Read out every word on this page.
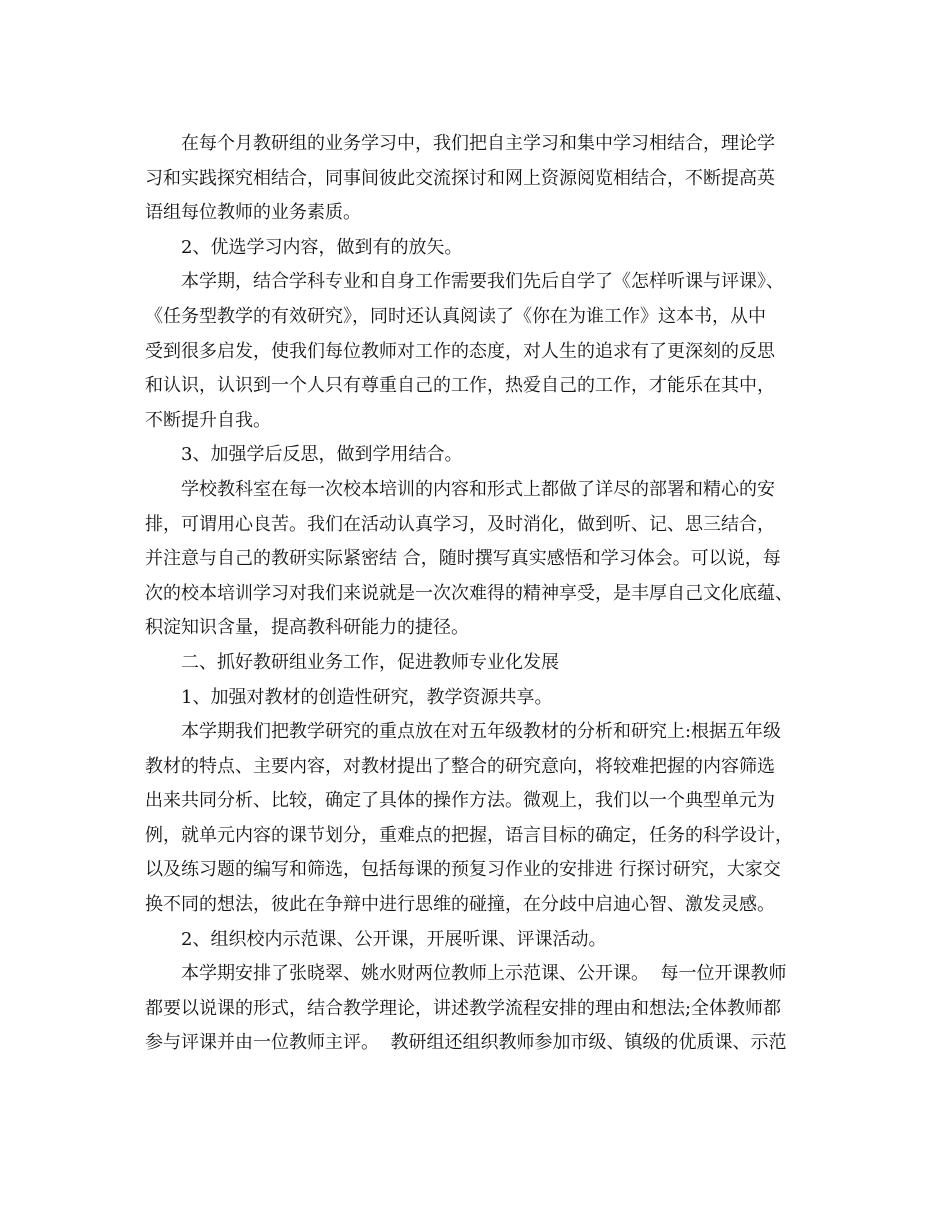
在每个月教研组的业务学习中，我们把自主学习和集中学习相结合，理论学
习和实践探究相结合，同事间彼此交流探讨和网上资源阅览相结合，不断提高英
语组每位教师的业务素质。
2、优选学习内容，做到有的放矢。
本学期，结合学科专业和自身工作需要我们先后自学了《怎样听课与评课》、
《任务型教学的有效研究》，同时还认真阅读了《你在为谁工作》这本书，从中
受到很多启发，使我们每位教师对工作的态度，对人生的追求有了更深刻的反思
和认识，认识到一个人只有尊重自己的工作，热爱自己的工作，才能乐在其中，
不断提升自我。
3、加强学后反思，做到学用结合。
学校教科室在每一次校本培训的内容和形式上都做了详尽的部署和精心的安
排，可谓用心良苦。我们在活动认真学习，及时消化，做到听、记、思三结合，
并注意与自己的教研实际紧密结 合，随时撰写真实感悟和学习体会。可以说，每
次的校本培训学习对我们来说就是一次次难得的精神享受，是丰厚自己文化底蕴、
积淀知识含量，提高教科研能力的捷径。
二、抓好教研组业务工作，促进教师专业化发展
1、加强对教材的创造性研究，教学资源共享。
本学期我们把教学研究的重点放在对五年级教材的分析和研究上:根据五年级
教材的特点、主要内容，对教材提出了整合的研究意向，将较难把握的内容筛选
出来共同分析、比较，确定了具体的操作方法。微观上，我们以一个典型单元为
例，就单元内容的课节划分，重难点的把握，语言目标的确定，任务的科学设计，
以及练习题的编写和筛选，包括每课的预复习作业的安排进 行探讨研究，大家交
换不同的想法，彼此在争辩中进行思维的碰撞，在分歧中启迪心智、激发灵感。
2、组织校内示范课、公开课，开展听课、评课活动。
本学期安排了张晓翠、姚水财两位教师上示范课、公开课。  每一位开课教师
都要以说课的形式，结合教学理论，讲述教学流程安排的理由和想法;全体教师都
参与评课并由一位教师主评。  教研组还组织教师参加市级、镇级的优质课、示范
